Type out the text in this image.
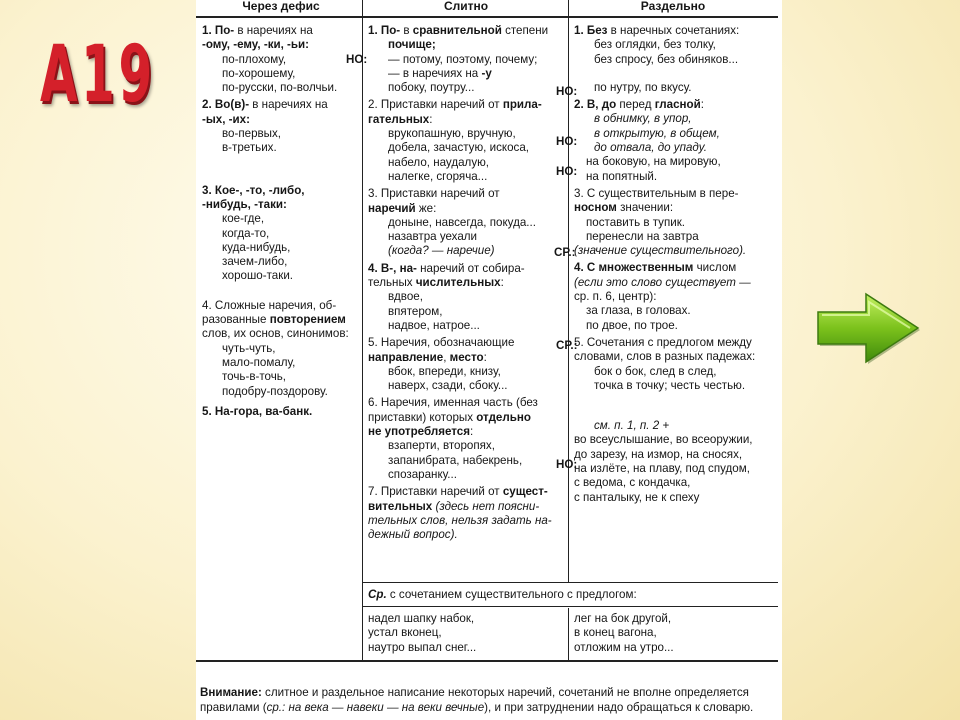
А19
Через дефис	Слитно	Раздельно
1. По- в наречиях на
-ому, -ему, -ки, -ьи:
по-плохому,
по-хорошему,
по-русски, по-волчьи.
2. Во(в)- в наречиях на
-ых, -их:
во-первых,
в-третьих.
3. Кое-, -то, -либо,
-нибудь, -таки:
кое-где,
когда-то,
куда-нибудь,
зачем-либо,
хорошо-таки.
4. Сложные наречия, об-
разованные повторением
слов, их основ, синонимов:
чуть-чуть,
мало-помалу,
точь-в-точь,
подобру-поздорову.
5. На-гора, ва-банк.
1. По- в сравнительной степени
почище;
— потому, поэтому, почему;
— в наречиях на -у
побоку, поутру...
2. Приставки наречий от прила-
гательных:
врукопашную, вручную,
добела, зачастую, искоса,
набело, наудалую,
налегке, сгоряча...
3. Приставки наречий от
наречий же:
доныне, навсегда, покуда...
назавтра уехали
(когда? — наречие)
4. В-, на- наречий от собира-
тельных числительных:
вдвое,
впятером,
надвое, натрое...
5. Наречия, обозначающие
направление, место:
вбок, впереди, книзу,
наверх, сзади, сбоку...
6. Наречия, именная часть (без
приставки) которых отдельно
не употребляется:
взаперти, второпях,
запанибрата, набекрень,
спозаранку...
7. Приставки наречий от сущест-
вительных (здесь нет поясни-
тельных слов, нельзя задать на-
дежный вопрос).
1. Без в наречных сочетаниях:
без оглядки, без толку,
без спросу, без обиняков...
по нутру, по вкусу.
2. В, до перед гласной:
в обнимку, в упор,
в открытую, в общем,
до отвала, до упаду.
на боковую, на мировую,
на попятный.
3. С существительным в пере-
носном значении:
поставить в тупик.
перенесли на завтра
(значение существительного).
4. С множественным числом
(если это слово существует —
ср. п. 6, центр):
за глаза, в головах.
по двое, по трое.
5. Сочетания с предлогом между
словами, слов в разных падежах:
бок о бок, след в след,
точка в точку; честь честью.
см. п. 1, п. 2 +
во всеуслышание, во всеоружии,
до зарезу, на измор, на сносях,
на излёте, на плаву, под спудом,
с ведома, с кондачка,
с панталыку, не к спеху
НО:
НО:
НО:
НО:
СР.:
СР.:
НО:
Ср. с сочетанием существительного с предлогом:
надел шапку набок,
устал вконец,
наутро выпал снег...
лег на бок другой,
в конец вагона,
отложим на утро...
Внимание: слитное и раздельное написание некоторых наречий, сочетаний не вполне определяется правилами (ср.: на века — навеки — на веки вечные), и при затруднении надо обращаться к словарю.
